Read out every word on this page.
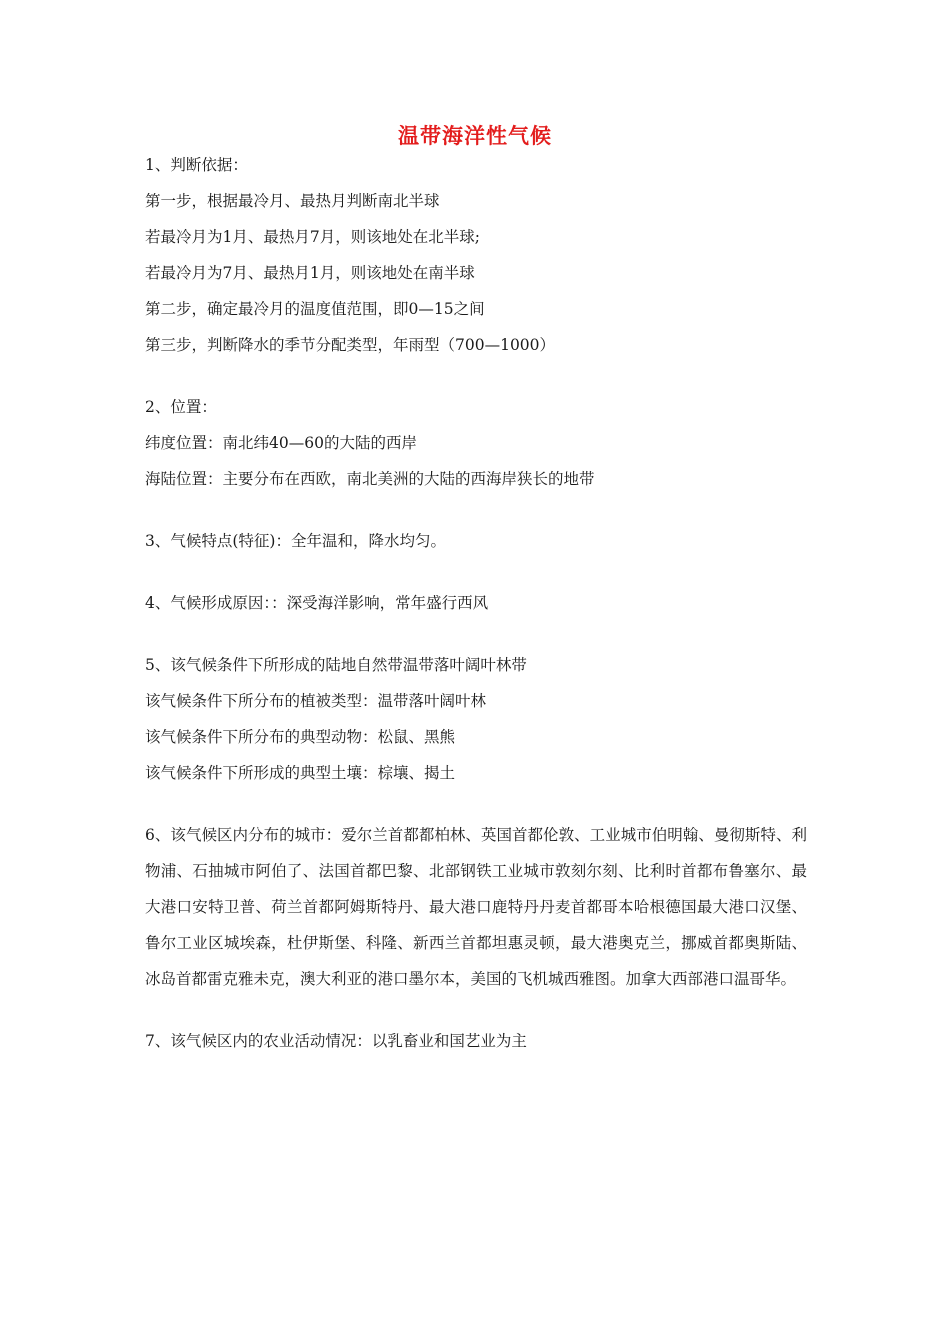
温带海洋性气候
1、判断依据：
第一步，根据最冷月、最热月判断南北半球
若最冷月为1月、最热月7月，则该地处在北半球;
若最冷月为7月、最热月1月，则该地处在南半球
第二步，确定最冷月的温度值范围，即0—15之间
第三步，判断降水的季节分配类型，年雨型（700—1000）
2、位置：
纬度位置：南北纬40—60的大陆的西岸
海陆位置：主要分布在西欧，南北美洲的大陆的西海岸狭长的地带
3、气候特点(特征)：全年温和，降水均匀。
4、气候形成原因：：深受海洋影响，常年盛行西风
5、该气候条件下所形成的陆地自然带温带落叶阔叶林带
该气候条件下所分布的植被类型：温带落叶阔叶林
该气候条件下所分布的典型动物：松鼠、黑熊
该气候条件下所形成的典型土壤：棕壤、揭土
6、该气候区内分布的城市：爱尔兰首都都柏林、英国首都伦敦、工业城市伯明翰、曼彻斯特、利物浦、石抽城市阿伯了、法国首都巴黎、北部钢铁工业城市敦刻尔刻、比利时首都布鲁塞尔、最大港口安特卫普、荷兰首都阿姆斯特丹、最大港口鹿特丹丹麦首都哥本哈根德国最大港口汉堡、鲁尔工业区城埃森，杜伊斯堡、科隆、新西兰首都坦惠灵顿，最大港奥克兰，挪威首都奥斯陆、冰岛首都雷克雅未克，澳大利亚的港口墨尔本，美国的飞机城西雅图。加拿大西部港口温哥华。
7、该气候区内的农业活动情况：以乳畜业和国艺业为主
